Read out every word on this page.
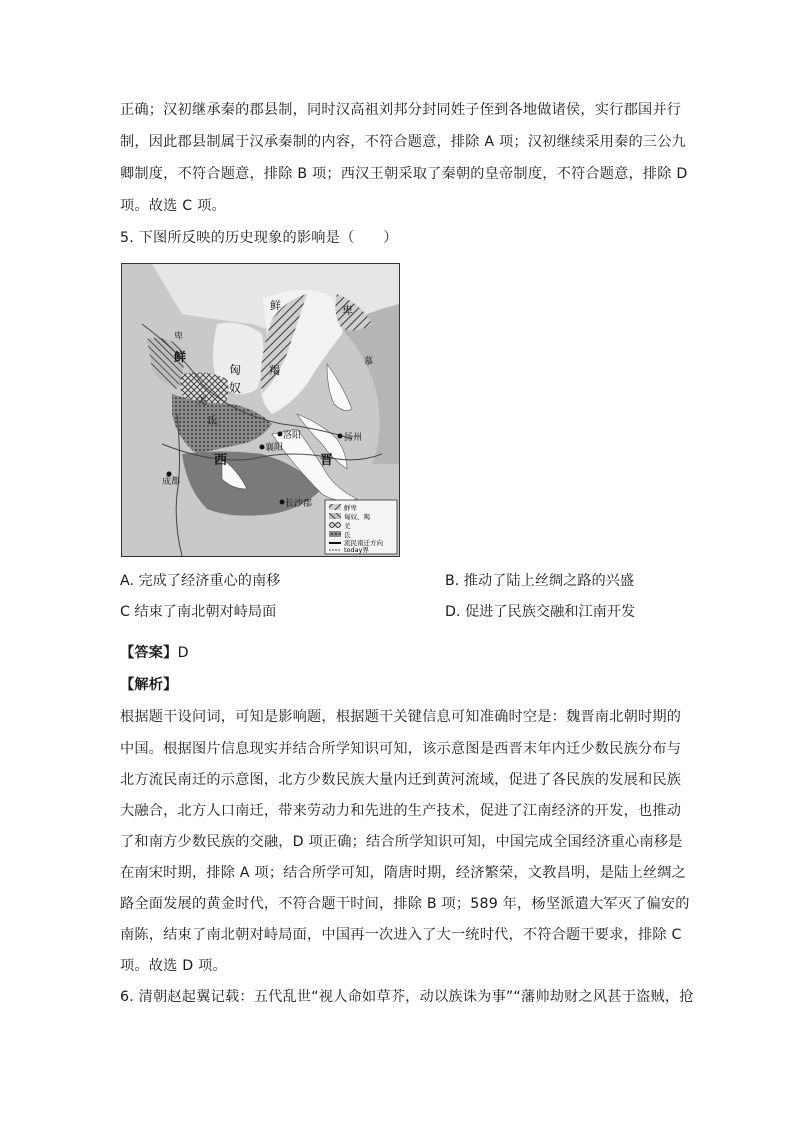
正确；汉初继承秦的郡县制，同时汉高祖刘邦分封同姓子侄到各地做诸侯，实行郡国并行
制，因此郡县制属于汉承秦制的内容，不符合题意，排除 A 项；汉初继续采用秦的三公九
卿制度，不符合题意，排除 B 项；西汉王朝采取了秦朝的皇帝制度，不符合题意，排除 D
项。故选 C 项。
5. 下图所反映的历史现象的影响是（　　）
鲜	卑
鲜
卑
匈	羯
奴
羌
氐
洛阳
西	晋
襄阳
成都
扬州
长沙郡
慕
鲜卑
匈奴、羯
羌
氐
流民南迁方向
today界
A. 完成了经济重心的南移	B. 推动了陆上丝绸之路的兴盛
C 结束了南北朝对峙局面	D. 促进了民族交融和江南开发
【答案】D
【解析】
根据题干设问词，可知是影响题，根据题干关键信息可知准确时空是：魏晋南北朝时期的
中国。根据图片信息现实并结合所学知识可知，该示意图是西晋末年内迁少数民族分布与
北方流民南迁的示意图，北方少数民族大量内迁到黄河流域，促进了各民族的发展和民族
大融合，北方人口南迁，带来劳动力和先进的生产技术，促进了江南经济的开发，也推动
了和南方少数民族的交融，D 项正确；结合所学知识可知，中国完成全国经济重心南移是
在南宋时期，排除 A 项；结合所学可知，隋唐时期，经济繁荣，文教昌明，是陆上丝绸之
路全面发展的黄金时代，不符合题干时间，排除 B 项；589 年，杨坚派遣大军灭了偏安的
南陈，结束了南北朝对峙局面，中国再一次进入了大一统时代，不符合题干要求，排除 C
项。故选 D 项。
6. 清朝赵起翼记载：五代乱世“视人命如草芥，动以族诛为事”“藩帅劫财之风甚于盗贼，抢
